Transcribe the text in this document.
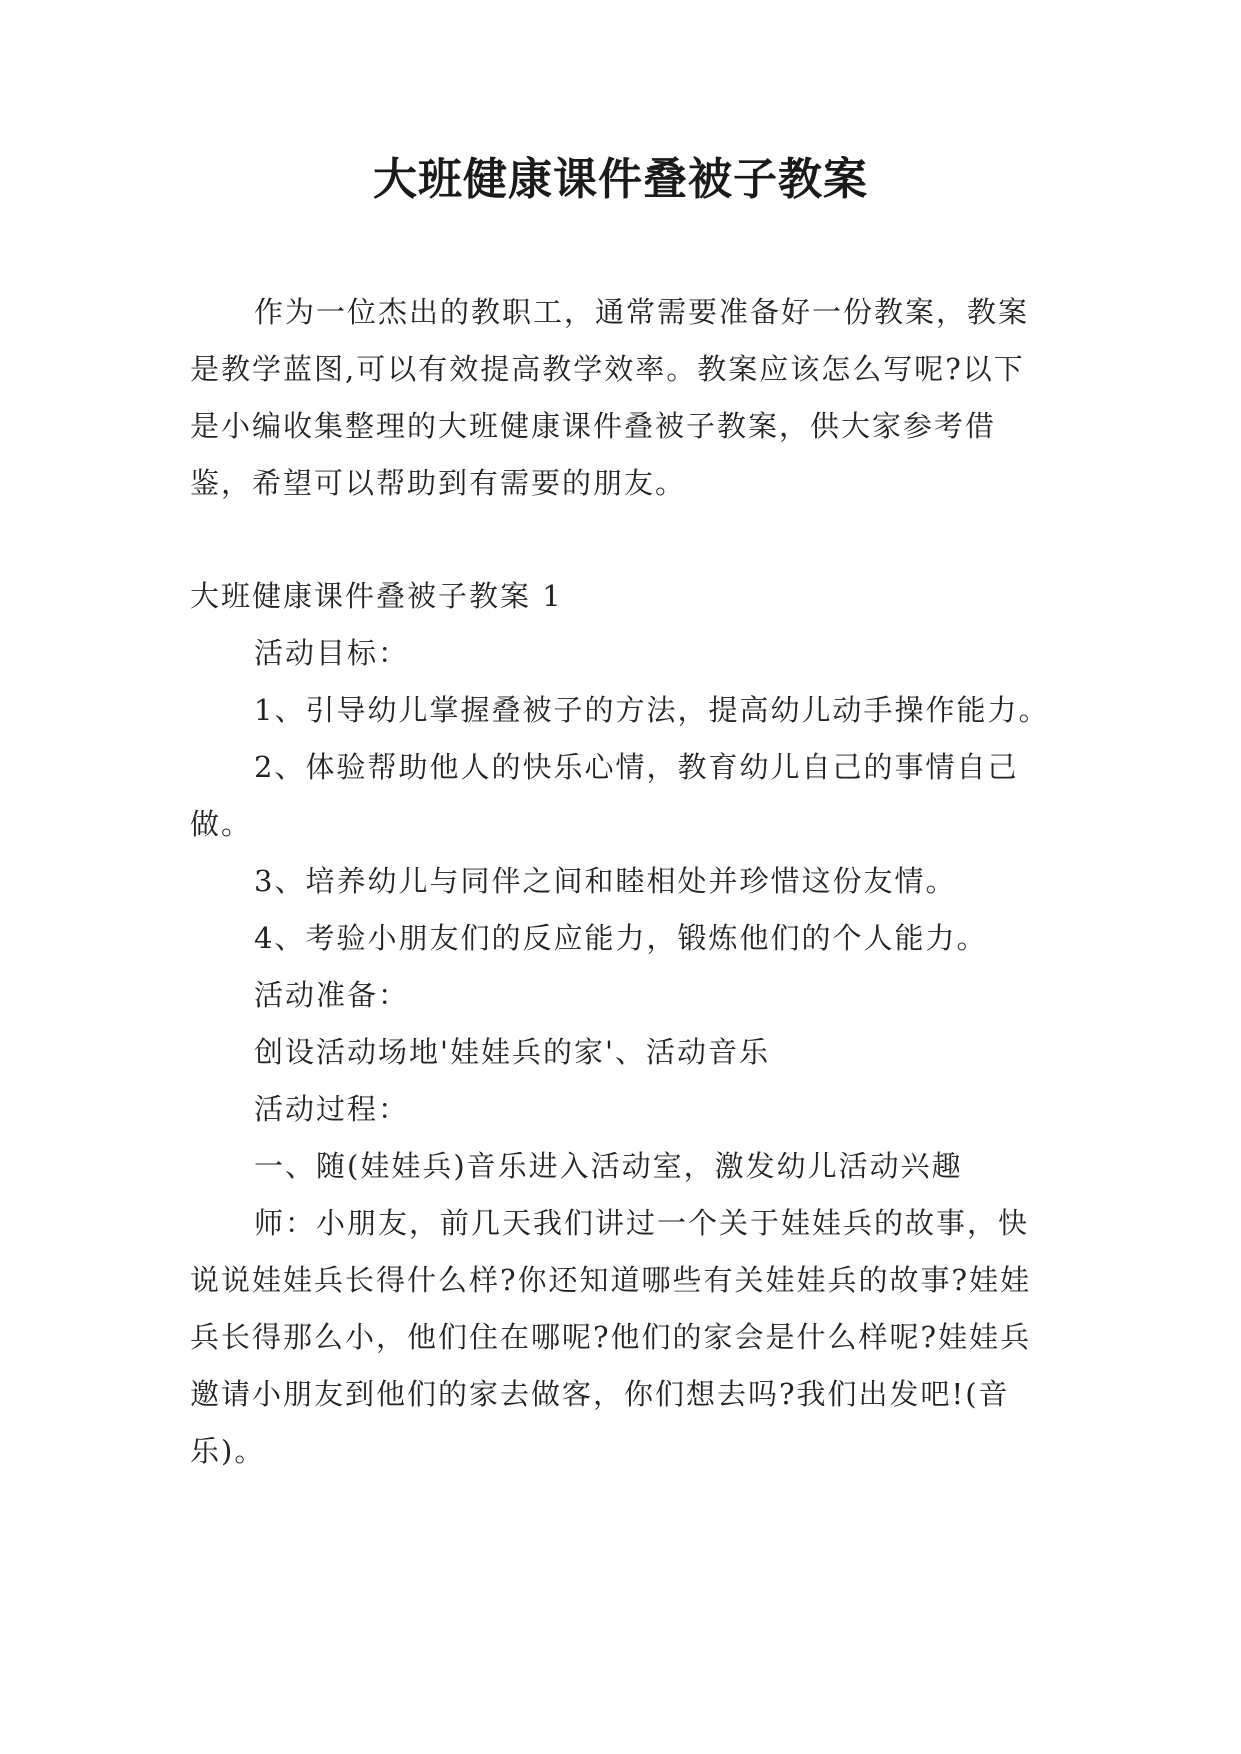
大班健康课件叠被子教案

作为一位杰出的教职工，通常需要准备好一份教案，教案是教学蓝图,可以有效提高教学效率。教案应该怎么写呢?以下是小编收集整理的大班健康课件叠被子教案，供大家参考借鉴，希望可以帮助到有需要的朋友。

大班健康课件叠被子教案 1

活动目标：

1、引导幼儿掌握叠被子的方法，提高幼儿动手操作能力。

2、体验帮助他人的快乐心情，教育幼儿自己的事情自己做。

3、培养幼儿与同伴之间和睦相处并珍惜这份友情。

4、考验小朋友们的反应能力，锻炼他们的个人能力。

活动准备：

创设活动场地'娃娃兵的家'、活动音乐

活动过程：

一、随(娃娃兵)音乐进入活动室，激发幼儿活动兴趣

师：小朋友，前几天我们讲过一个关于娃娃兵的故事，快说说娃娃兵长得什么样?你还知道哪些有关娃娃兵的故事?娃娃兵长得那么小，他们住在哪呢?他们的家会是什么样呢?娃娃兵邀请小朋友到他们的家去做客，你们想去吗?我们出发吧!(音乐)。
